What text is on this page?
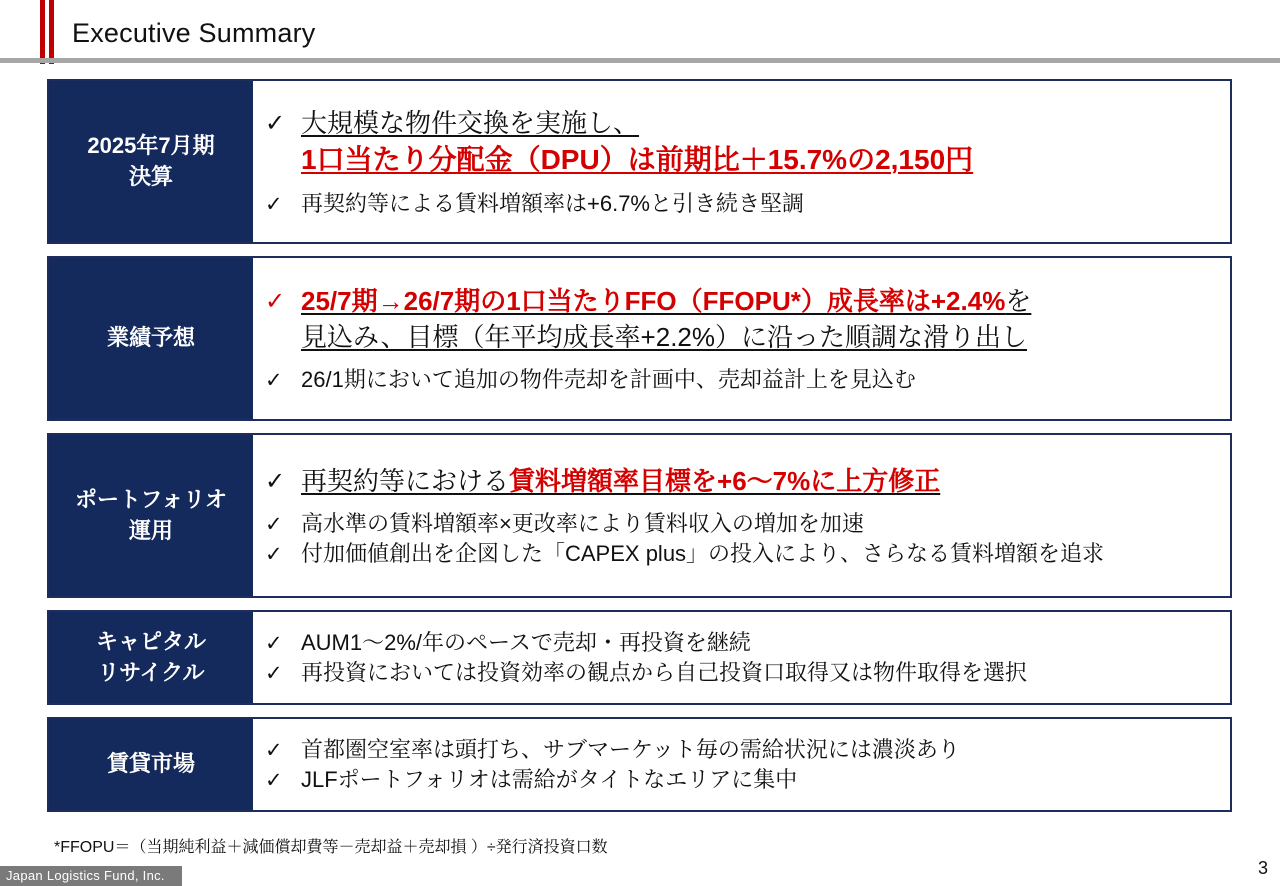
Executive Summary
2025年7月期
決算
✓ 大規模な物件交換を実施し、
1口当たり分配金（DPU）は前期比＋15.7%の2,150円
✓ 再契約等による賃料増額率は+6.7%と引き続き堅調
業績予想
✓ 25/7期→26/7期の1口当たりFFO（FFOPU*）成長率は+2.4%を
見込み、目標（年平均成長率+2.2%）に沿った順調な滑り出し
✓ 26/1期において追加の物件売却を計画中、売却益計上を見込む
ポートフォリオ
運用
✓ 再契約等における賃料増額率目標を+6～7%に上方修正
✓ 高水準の賃料増額率×更改率により賃料収入の増加を加速
✓ 付加価値創出を企図した「CAPEX plus」の投入により、さらなる賃料増額を追求
キャピタル
リサイクル
✓ AUM1～2%/年のペースで売却・再投資を継続
✓ 再投資においては投資効率の観点から自己投資口取得又は物件取得を選択
賃貸市場
✓ 首都圏空室率は頭打ち、サブマーケット毎の需給状況には濃淡あり
✓ JLFポートフォリオは需給がタイトなエリアに集中
*FFOPU＝（当期純利益＋減価償却費等－売却益＋売却損 ）÷発行済投資口数
Japan Logistics Fund, Inc.	3
